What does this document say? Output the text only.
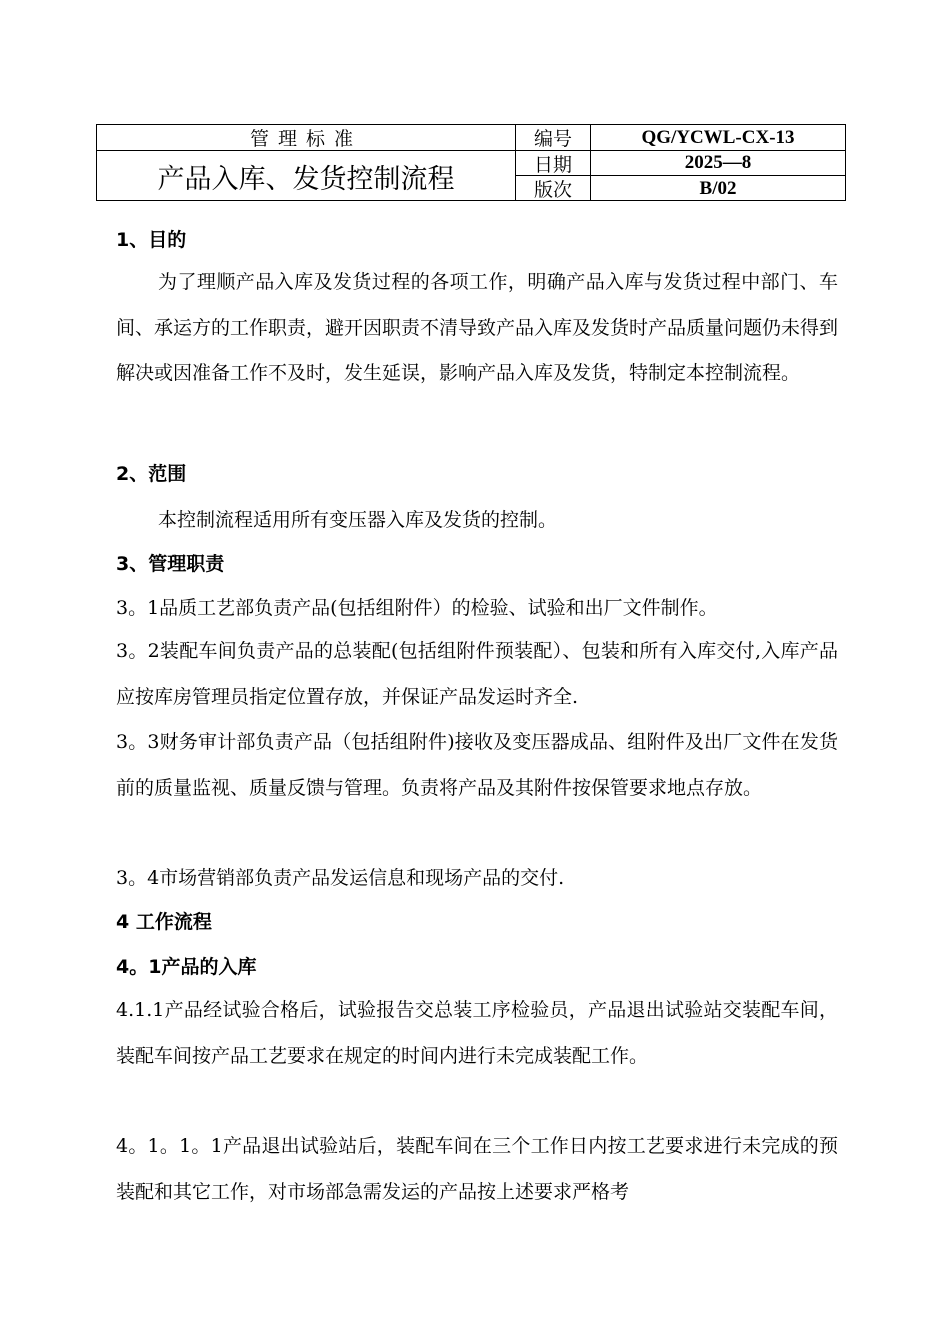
管理标准
产品入库、发货控制流程
编号	QG/YCWL-CX-13
日期	2025—8
版次	B/02
1、目的
为了理顺产品入库及发货过程的各项工作，明确产品入库与发货过程中部门、车间、承运方的工作职责，避开因职责不清导致产品入库及发货时产品质量问题仍未得到解决或因准备工作不及时，发生延误，影响产品入库及发货，特制定本控制流程。
2、范围
本控制流程适用所有变压器入库及发货的控制。
3、管理职责
3。1品质工艺部负责产品(包括组附件）的检验、试验和出厂文件制作。
3。2装配车间负责产品的总装配(包括组附件预装配）、包装和所有入库交付,入库产品应按库房管理员指定位置存放，并保证产品发运时齐全.
3。3财务审计部负责产品（包括组附件)接收及变压器成品、组附件及出厂文件在发货前的质量监视、质量反馈与管理。负责将产品及其附件按保管要求地点存放。
3。4市场营销部负责产品发运信息和现场产品的交付.
4 工作流程
4。1产品的入库
4.1.1产品经试验合格后，试验报告交总装工序检验员，产品退出试验站交装配车间，装配车间按产品工艺要求在规定的时间内进行未完成装配工作。
4。1。1。1产品退出试验站后，装配车间在三个工作日内按工艺要求进行未完成的预装配和其它工作，对市场部急需发运的产品按上述要求严格考
